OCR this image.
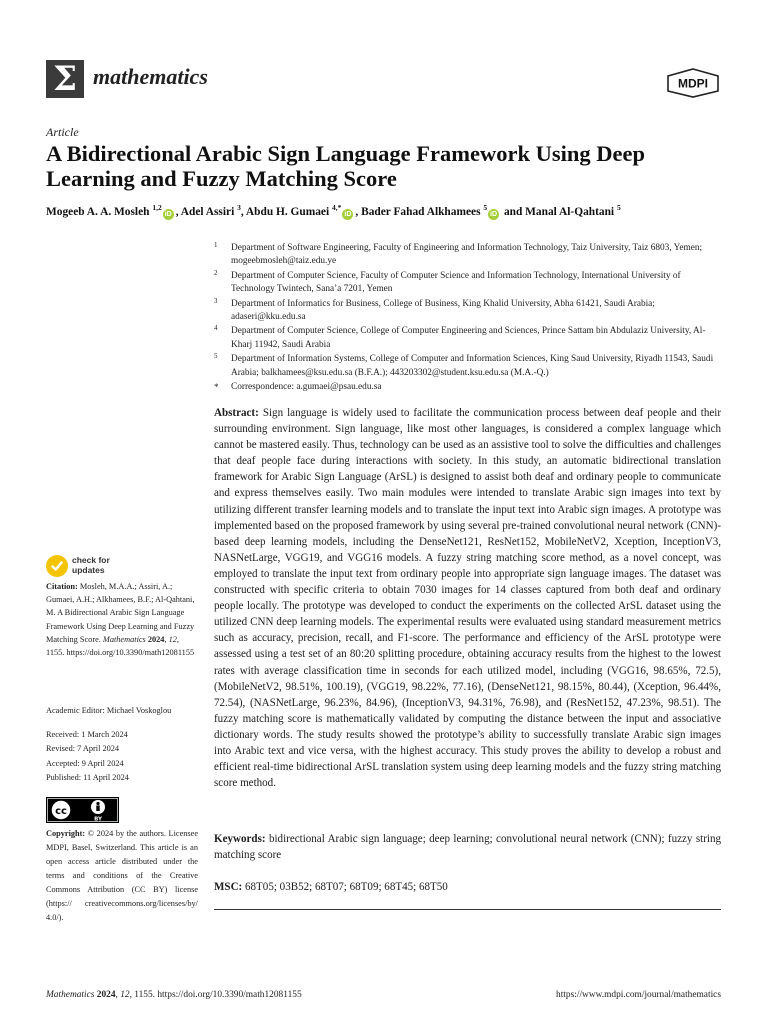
Σ mathematics	MDPI
Article
A Bidirectional Arabic Sign Language Framework Using Deep Learning and Fuzzy Matching Score
Mogeeb A. A. Mosleh $^{1,2}$iD , Adel Assiri $^3$, Abdu H. Gumaei $^{4,*}$iD , Bader Fahad Alkhamees $^5$iD and Manal Al-Qahtani $^5$
1 Department of Software Engineering, Faculty of Engineering and Information Technology, Taiz University, Taiz 6803, Yemen; mogeebmosleh@taiz.edu.ye
2 Department of Computer Science, Faculty of Computer Science and Information Technology, International University of Technology Twintech, Sana’a 7201, Yemen
3 Department of Informatics for Business, College of Business, King Khalid University, Abha 61421, Saudi Arabia; adaseri@kku.edu.sa
4 Department of Computer Science, College of Computer Engineering and Sciences, Prince Sattam bin Abdulaziz University, Al-Kharj 11942, Saudi Arabia
5 Department of Information Systems, College of Computer and Information Sciences, King Saud University, Riyadh 11543, Saudi Arabia; balkhamees@ksu.edu.sa (B.F.A.); 443203302@student.ksu.edu.sa (M.A.-Q.)
* Correspondence: a.gumaei@psau.edu.sa
Abstract: Sign language is widely used to facilitate the communication process between deaf people and their surrounding environment. Sign language, like most other languages, is considered a complex language which cannot be mastered easily. Thus, technology can be used as an assistive tool to solve the difficulties and challenges that deaf people face during interactions with society. In this study, an automatic bidirectional translation framework for Arabic Sign Language (ArSL) is designed to assist both deaf and ordinary people to communicate and express themselves easily. Two main modules were intended to translate Arabic sign images into text by utilizing different transfer learning models and to translate the input text into Arabic sign images. A prototype was implemented based on the proposed framework by using several pre-trained convolutional neural network (CNN)-based deep learning models, including the DenseNet121, ResNet152, MobileNetV2, Xception, InceptionV3, NASNetLarge, VGG19, and VGG16 models. A fuzzy string matching score method, as a novel concept, was employed to translate the input text from ordinary people into appropriate sign language images. The dataset was constructed with specific criteria to obtain 7030 images for 14 classes captured from both deaf and ordinary people locally. The prototype was developed to conduct the experiments on the collected ArSL dataset using the utilized CNN deep learning models. The experimental results were evaluated using standard measurement metrics such as accuracy, precision, recall, and F1-score. The performance and efficiency of the ArSL prototype were assessed using a test set of an 80:20 splitting procedure, obtaining accuracy results from the highest to the lowest rates with average classification time in seconds for each utilized model, including (VGG16, 98.65%, 72.5), (MobileNetV2, 98.51%, 100.19), (VGG19, 98.22%, 77.16), (DenseNet121, 98.15%, 80.44), (Xception, 96.44%, 72.54), (NASNetLarge, 96.23%, 84.96), (InceptionV3, 94.31%, 76.98), and (ResNet152, 47.23%, 98.51). The fuzzy matching score is mathematically validated by computing the distance between the input and associative dictionary words. The study results showed the prototype’s ability to successfully translate Arabic sign images into Arabic text and vice versa, with the highest accuracy. This study proves the ability to develop a robust and efficient real-time bidirectional ArSL translation system using deep learning models and the fuzzy string matching score method.
Keywords: bidirectional Arabic sign language; deep learning; convolutional neural network (CNN); fuzzy string matching score
MSC: 68T05; 03B52; 68T07; 68T09; 68T45; 68T50
check for
updates
Citation: Mosleh, M.A.A.; Assiri, A.; Gumaei, A.H.; Alkhamees, B.F.; Al-Qahtani, M. A Bidirectional Arabic Sign Language Framework Using Deep Learning and Fuzzy Matching Score. Mathematics 2024, 12, 1155. https://doi.org/10.3390/math12081155
Academic Editor: Michael Voskoglou
Received: 1 March 2024
Revised: 7 April 2024
Accepted: 9 April 2024
Published: 11 April 2024
cc
BY
Copyright: © 2024 by the authors. Licensee MDPI, Basel, Switzerland. This article is an open access article distributed under the terms and conditions of the Creative Commons Attribution (CC BY) license (https:// creativecommons.org/licenses/by/ 4.0/).
Mathematics 2024, 12, 1155. https://doi.org/10.3390/math12081155	https://www.mdpi.com/journal/mathematics
